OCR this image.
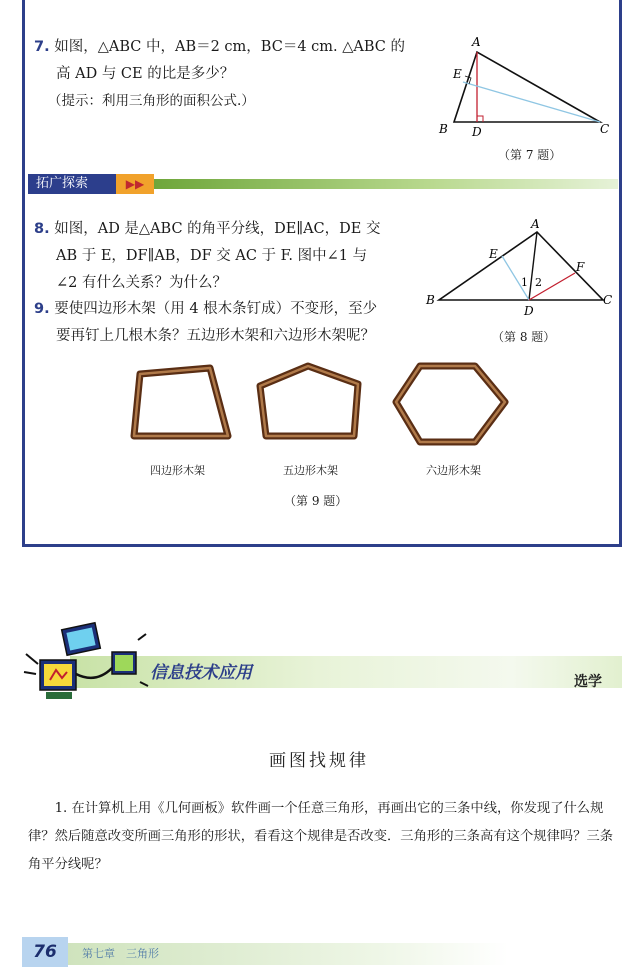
7. 如图，△ABC 中，AB＝2 cm，BC＝4 cm. △ABC 的
高 AD 与 CE 的比是多少？
（提示：利用三角形的面积公式.）
A
E
B D	C
（第 7 题）
拓广探索	▶▶
8. 如图，AD 是△ABC 的角平分线，DE∥AC，DE 交
AB 于 E，DF∥AB，DF 交 AC 于 F. 图中∠1 与
∠2 有什么关系？为什么？
A
E
F
1 2
B
D
C
（第 8 题）
9. 要使四边形木架（用 4 根木条钉成）不变形，至少
要再钉上几根木条？五边形木架和六边形木架呢？
四边形木架	五边形木架	六边形木架
（第 9 题）
信息技术应用	选学
画图找规律
1. 在计算机上用《几何画板》软件画一个任意三角形，再画出它的三条中线，你发现了什么规律？然后随意改变所画三角形的形状，看看这个规律是否改变．三角形的三条高有这个规律吗？三条角平分线呢？
76	第七章　三角形
